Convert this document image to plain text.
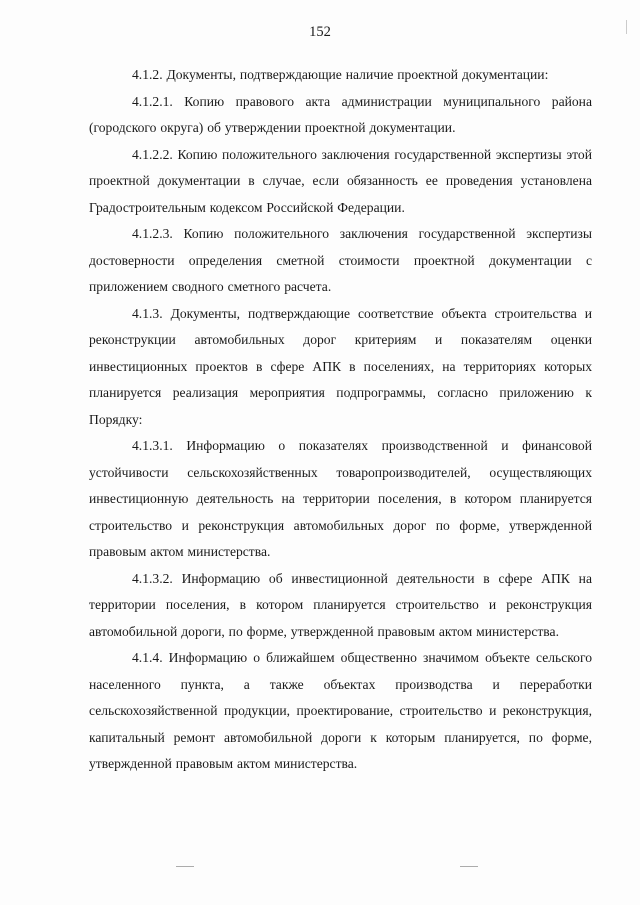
152

4.1.2. Документы, подтверждающие наличие проектной документации:

4.1.2.1. Копию правового акта администрации муниципального района (городского округа) об утверждении проектной документации.

4.1.2.2. Копию положительного заключения государственной экспертизы этой проектной документации в случае, если обязанность ее проведения установлена Градостроительным кодексом Российской Федерации.

4.1.2.3. Копию положительного заключения государственной экспертизы достоверности определения сметной стоимости проектной документации с приложением сводного сметного расчета.

4.1.3. Документы, подтверждающие соответствие объекта строительства и реконструкции автомобильных дорог критериям и показателям оценки инвестиционных проектов в сфере АПК в поселениях, на территориях которых планируется реализация мероприятия подпрограммы, согласно приложению к Порядку:

4.1.3.1. Информацию о показателях производственной и финансовой устойчивости сельскохозяйственных товаропроизводителей, осуществляющих инвестиционную деятельность на территории поселения, в котором планируется строительство и реконструкция автомобильных дорог по форме, утвержденной правовым актом министерства.

4.1.3.2. Информацию об инвестиционной деятельности в сфере АПК на территории поселения, в котором планируется строительство и реконструкция автомобильной дороги, по форме, утвержденной правовым актом министерства.

4.1.4. Информацию о ближайшем общественно значимом объекте сельского населенного пункта, а также объектах производства и переработки сельскохозяйственной продукции, проектирование, строительство и реконструкция, капитальный ремонт автомобильной дороги к которым планируется, по форме, утвержденной правовым актом министерства.
